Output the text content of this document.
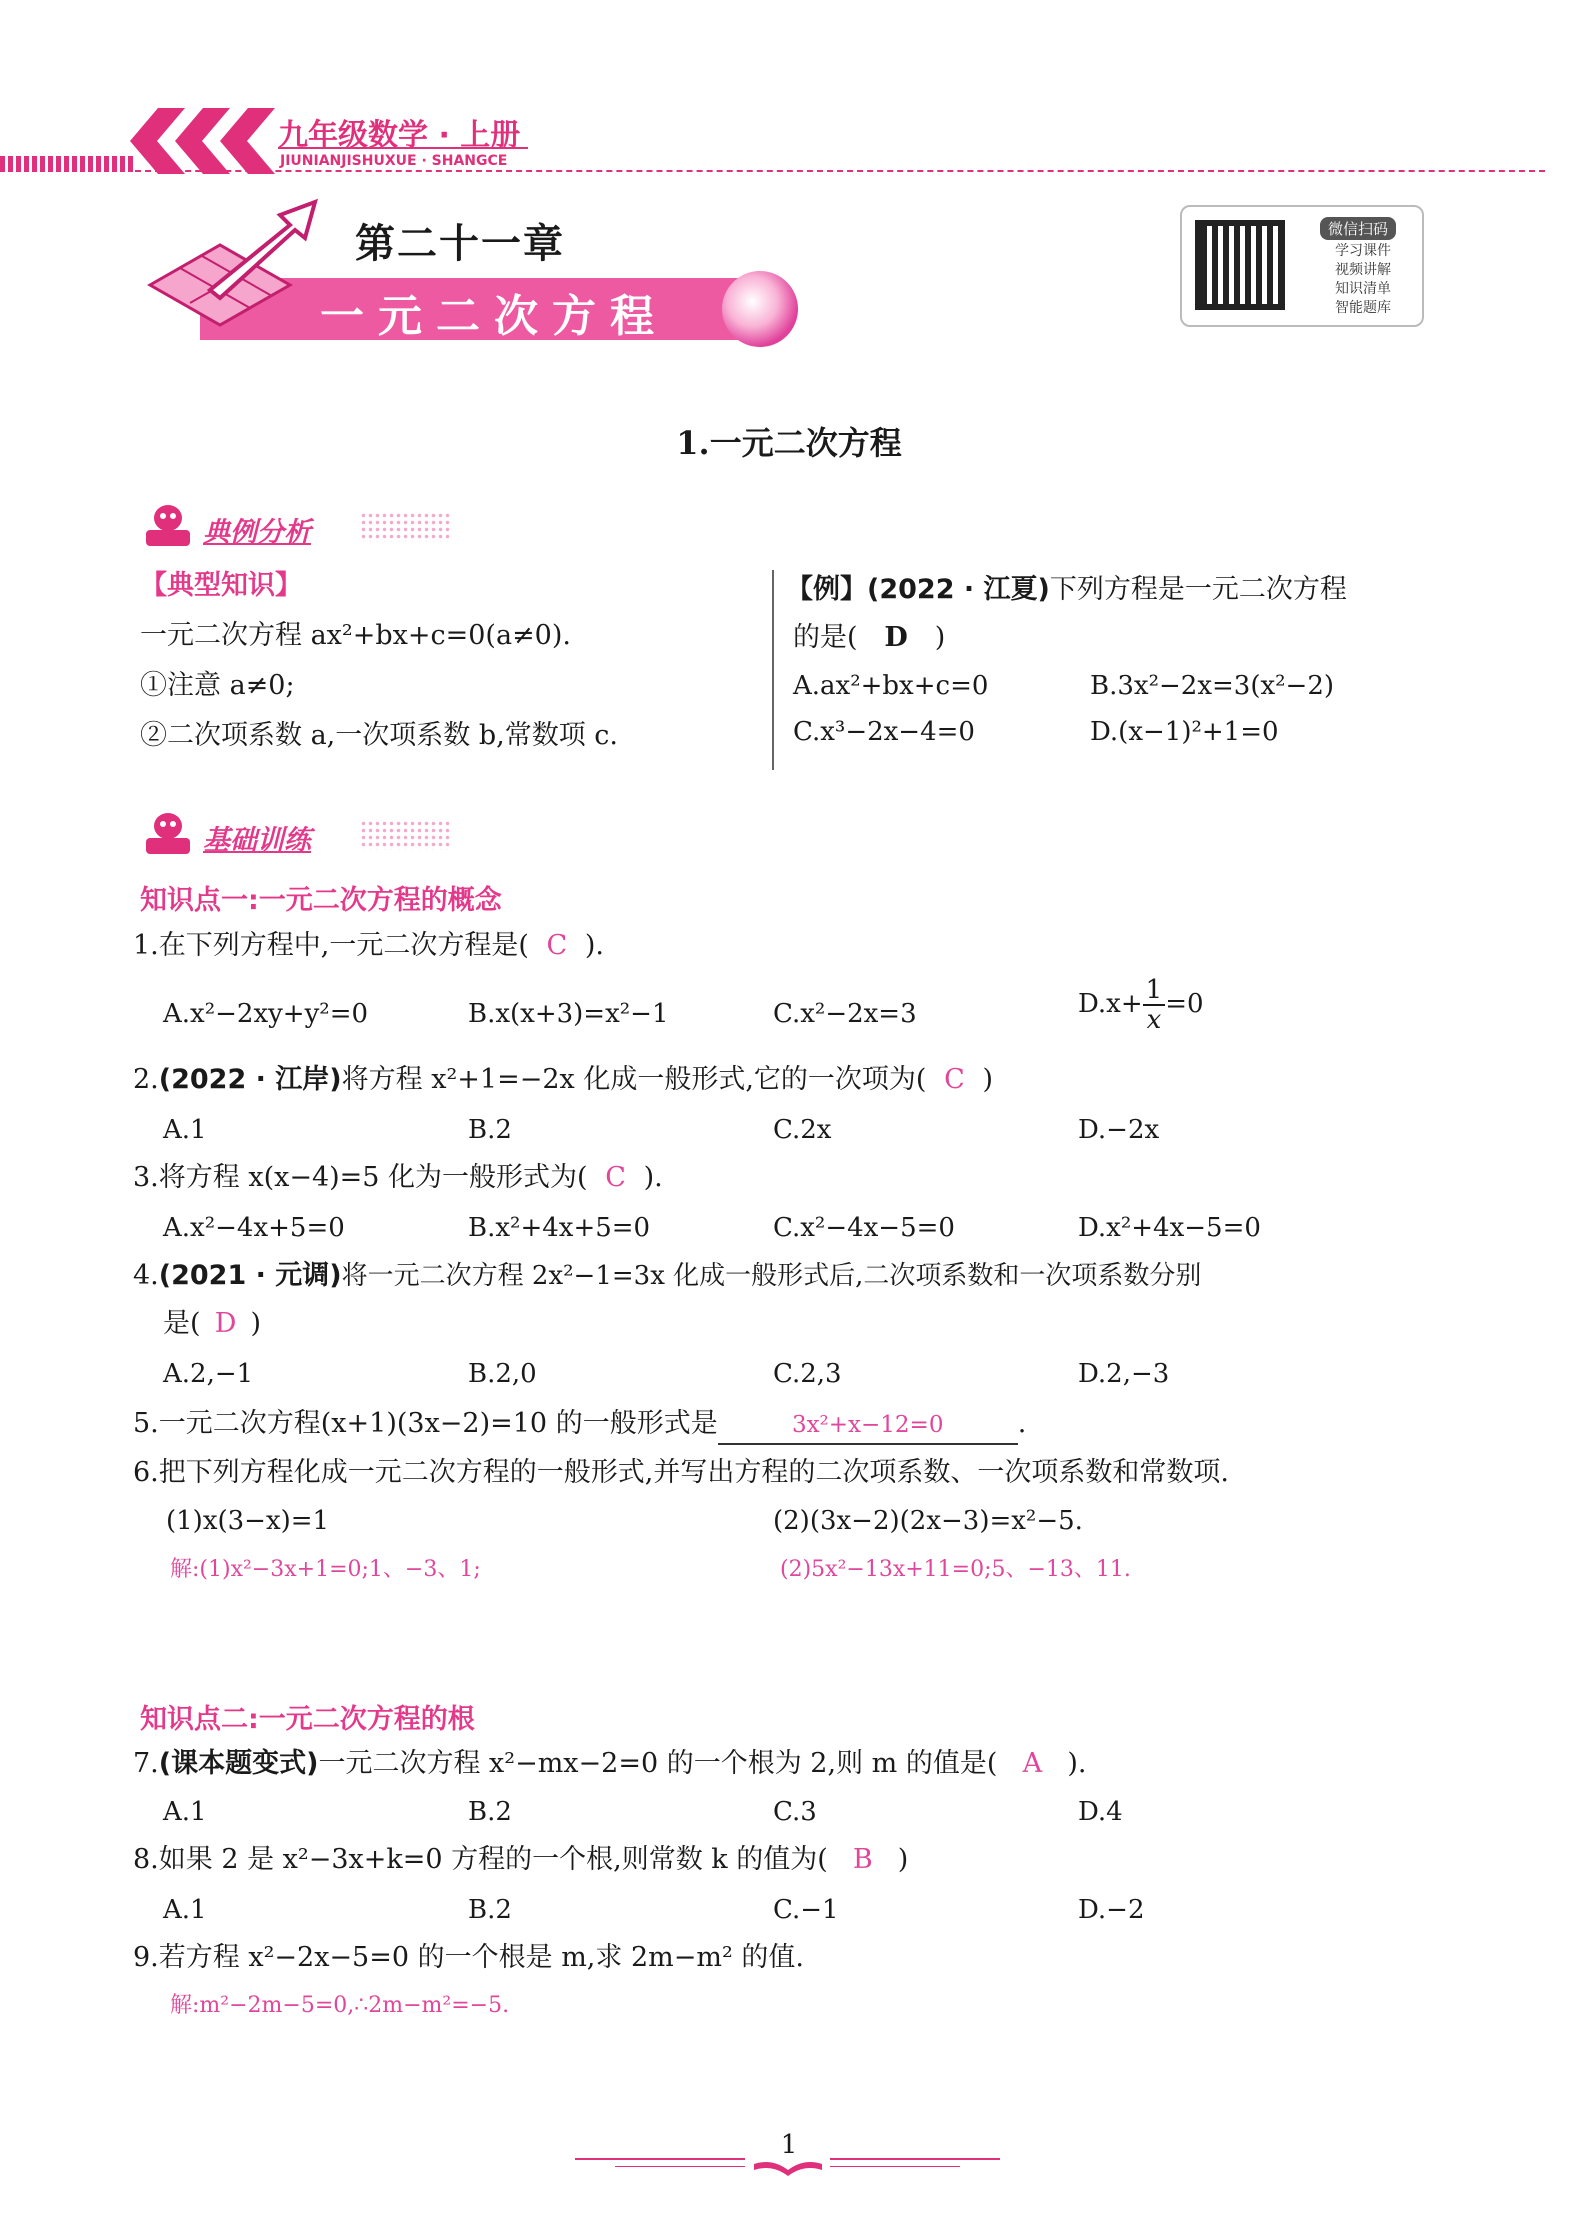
九年级数学 · 上册
JIUNIANJISHUXUE · SHANGCE
第二十一章
一元二次方程
微信扫码
学习课件
视频讲解
知识清单
智能题库
1.一元二次方程
典例分析
【典型知识】
一元二次方程 ax²+bx+c=0(a≠0).
①注意 a≠0;
②二次项系数 a,一次项系数 b,常数项 c.
【例】(2022 · 江夏)下列方程是一元二次方程
的是( D )
A.ax²+bx+c=0	B.3x²−2x=3(x²−2)
C.x³−2x−4=0	D.(x−1)²+1=0
基础训练
知识点一:一元二次方程的概念
1.在下列方程中,一元二次方程是( C ).
A.x²−2xy+y²=0	B.x(x+3)=x²−1	C.x²−2x=3	$D.x+ \frac{1}{x} =0$
2.(2022 · 江岸)将方程 x²+1=−2x 化成一般形式,它的一次项为( C )
A.1	B.2	C.2x	D.−2x
3.将方程 x(x−4)=5 化为一般形式为( C ).
A.x²−4x+5=0	B.x²+4x+5=0	C.x²−4x−5=0	D.x²+4x−5=0
4.(2021 · 元调)将一元二次方程 2x²−1=3x 化成一般形式后,二次项系数和一次项系数分别
是( D )
A.2,−1	B.2,0	C.2,3	D.2,−3
5.一元二次方程(x+1)(3x−2)=10 的一般形式是	3x²+x−12=0	.
6.把下列方程化成一元二次方程的一般形式,并写出方程的二次项系数、一次项系数和常数项.
(1)x(3−x)=1	(2)(3x−2)(2x−3)=x²−5.
解:(1)x²−3x+1=0;1、−3、1;	(2)5x²−13x+11=0;5、−13、11.
知识点二:一元二次方程的根
7.(课本题变式)一元二次方程 x²−mx−2=0 的一个根为 2,则 m 的值是( A ).
A.1	B.2	C.3	D.4
8.如果 2 是 x²−3x+k=0 方程的一个根,则常数 k 的值为( B )
A.1	B.2	C.−1	D.−2
9.若方程 x²−2x−5=0 的一个根是 m,求 2m−m² 的值.
解:m²−2m−5=0,∴2m−m²=−5.
1
